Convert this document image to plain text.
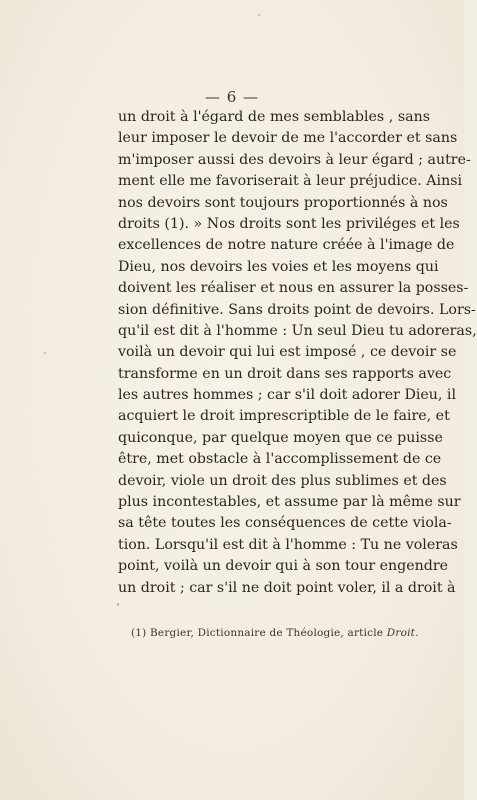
— 6 —
un droit à l'égard de mes semblables , sans
leur imposer le devoir de me l'accorder et sans
m'imposer aussi des devoirs à leur égard ; autre-
ment elle me favoriserait à leur préjudice. Ainsi
nos devoirs sont toujours proportionnés à nos
droits (1). » Nos droits sont les priviléges et les
excellences de notre nature créée à l'image de
Dieu, nos devoirs les voies et les moyens qui
doivent les réaliser et nous en assurer la posses-
sion définitive. Sans droits point de devoirs. Lors-
qu'il est dit à l'homme : Un seul Dieu tu adoreras,
voilà un devoir qui lui est imposé , ce devoir se
transforme en un droit dans ses rapports avec
les autres hommes ; car s'il doit adorer Dieu, il
acquiert le droit imprescriptible de le faire, et
quiconque, par quelque moyen que ce puisse
être, met obstacle à l'accomplissement de ce
devoir, viole un droit des plus sublimes et des
plus incontestables, et assume par là même sur
sa tête toutes les conséquences de cette viola-
tion. Lorsqu'il est dit à l'homme : Tu ne voleras
point, voilà un devoir qui à son tour engendre
un droit ; car s'il ne doit point voler, il a droit à
(1) Bergier, Dictionnaire de Théologie, article Droit.
